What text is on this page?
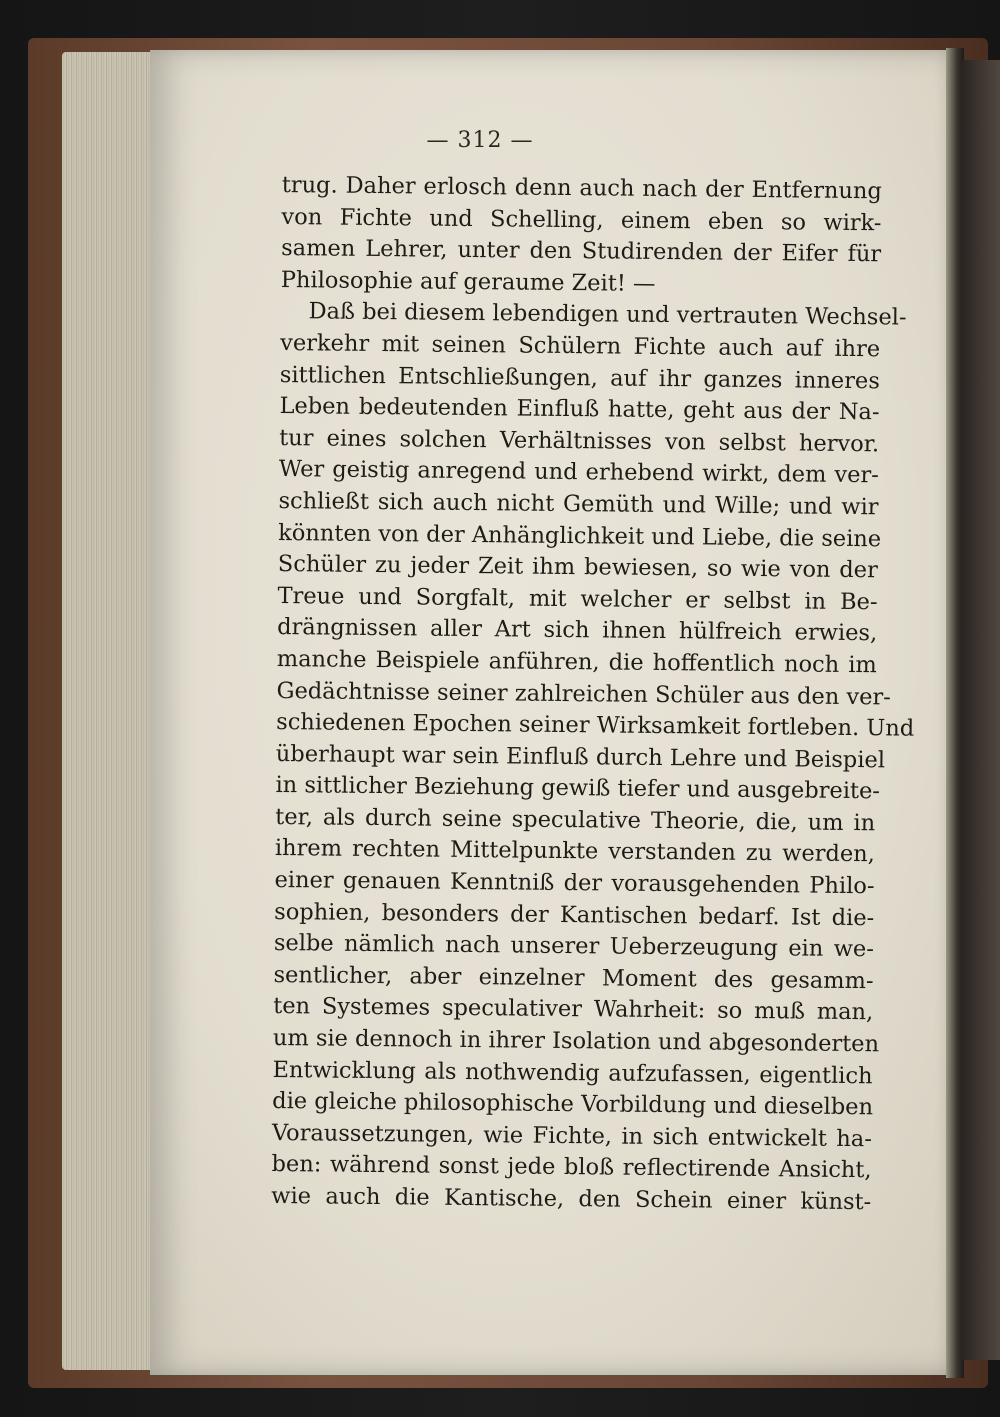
— 312 —
trug. Daher erlosch denn auch nach der Entfernung
von Fichte und Schelling, einem eben so wirk-
samen Lehrer, unter den Studirenden der Eifer für
Philosophie auf geraume Zeit! —
Daß bei diesem lebendigen und vertrauten Wechsel-
verkehr mit seinen Schülern Fichte auch auf ihre
sittlichen Entschließungen, auf ihr ganzes inneres
Leben bedeutenden Einfluß hatte, geht aus der Na-
tur eines solchen Verhältnisses von selbst hervor.
Wer geistig anregend und erhebend wirkt, dem ver-
schließt sich auch nicht Gemüth und Wille; und wir
könnten von der Anhänglichkeit und Liebe, die seine
Schüler zu jeder Zeit ihm bewiesen, so wie von der
Treue und Sorgfalt, mit welcher er selbst in Be-
drängnissen aller Art sich ihnen hülfreich erwies,
manche Beispiele anführen, die hoffentlich noch im
Gedächtnisse seiner zahlreichen Schüler aus den ver-
schiedenen Epochen seiner Wirksamkeit fortleben. Und
überhaupt war sein Einfluß durch Lehre und Beispiel
in sittlicher Beziehung gewiß tiefer und ausgebreite-
ter, als durch seine speculative Theorie, die, um in
ihrem rechten Mittelpunkte verstanden zu werden,
einer genauen Kenntniß der vorausgehenden Philo-
sophien, besonders der Kantischen bedarf. Ist die-
selbe nämlich nach unserer Ueberzeugung ein we-
sentlicher, aber einzelner Moment des gesamm-
ten Systemes speculativer Wahrheit: so muß man,
um sie dennoch in ihrer Isolation und abgesonderten
Entwicklung als nothwendig aufzufassen, eigentlich
die gleiche philosophische Vorbildung und dieselben
Voraussetzungen, wie Fichte, in sich entwickelt ha-
ben: während sonst jede bloß reflectirende Ansicht,
wie auch die Kantische, den Schein einer künst-
